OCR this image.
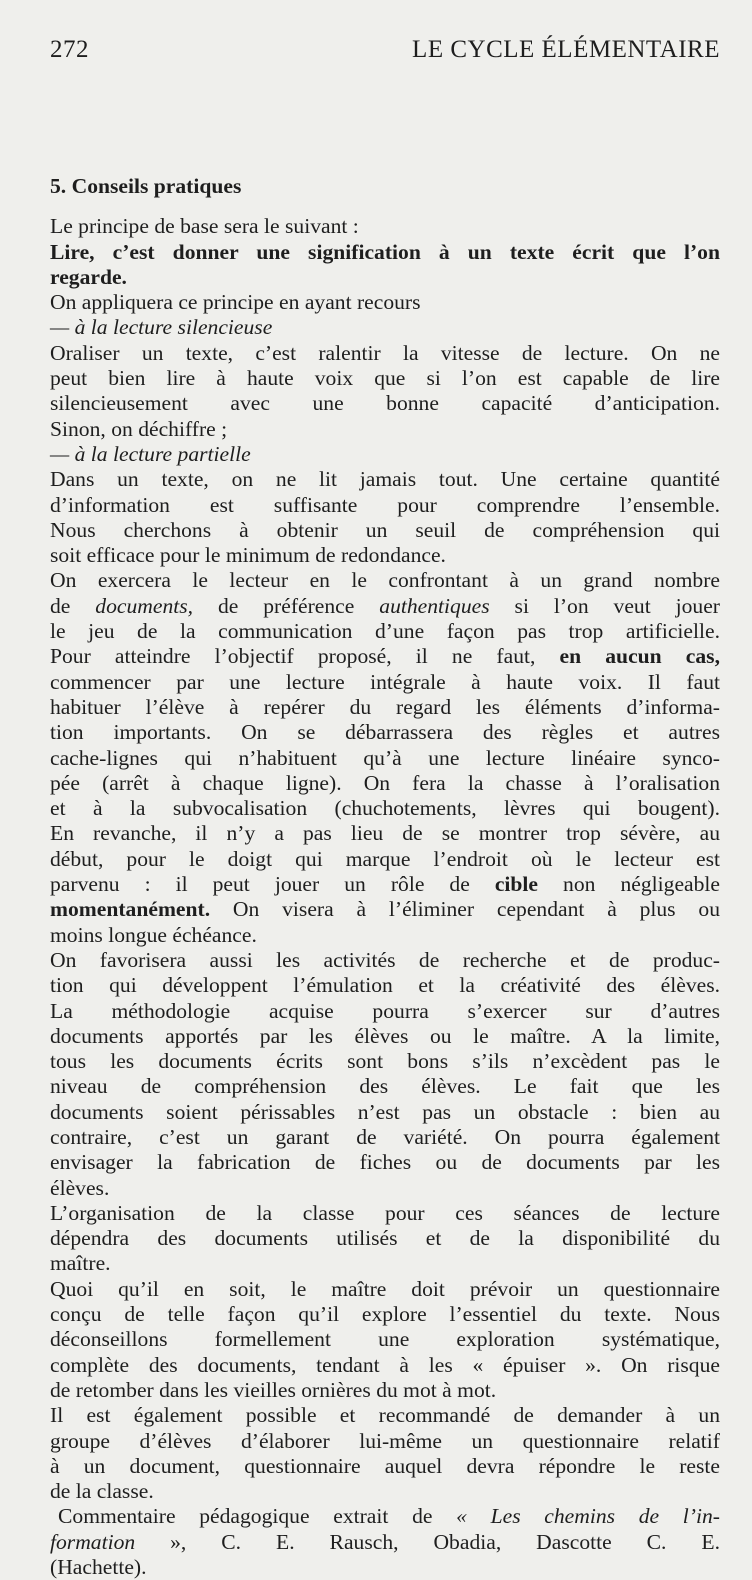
272	LE CYCLE ÉLÉMENTAIRE
5. Conseils pratiques
Le principe de base sera le suivant :
Lire, c’est donner une signification à un texte écrit que l’on
regarde.
On appliquera ce principe en ayant recours
— à la lecture silencieuse
Oraliser un texte, c’est ralentir la vitesse de lecture. On ne
peut bien lire à haute voix que si l’on est capable de lire
silencieusement avec une bonne capacité d’anticipation.
Sinon, on déchiffre ;
— à la lecture partielle
Dans un texte, on ne lit jamais tout. Une certaine quantité
d’information est suffisante pour comprendre l’ensemble.
Nous cherchons à obtenir un seuil de compréhension qui
soit efficace pour le minimum de redondance.
On exercera le lecteur en le confrontant à un grand nombre
de documents, de préférence authentiques si l’on veut jouer
le jeu de la communication d’une façon pas trop artificielle.
Pour atteindre l’objectif proposé, il ne faut, en aucun cas,
commencer par une lecture intégrale à haute voix. Il faut
habituer l’élève à repérer du regard les éléments d’informa-
tion importants. On se débarrassera des règles et autres
cache-lignes qui n’habituent qu’à une lecture linéaire synco-
pée (arrêt à chaque ligne). On fera la chasse à l’oralisation
et à la subvocalisation (chuchotements, lèvres qui bougent).
En revanche, il n’y a pas lieu de se montrer trop sévère, au
début, pour le doigt qui marque l’endroit où le lecteur est
parvenu : il peut jouer un rôle de cible non négligeable
momentanément. On visera à l’éliminer cependant à plus ou
moins longue échéance.
On favorisera aussi les activités de recherche et de produc-
tion qui développent l’émulation et la créativité des élèves.
La méthodologie acquise pourra s’exercer sur d’autres
documents apportés par les élèves ou le maître. A la limite,
tous les documents écrits sont bons s’ils n’excèdent pas le
niveau de compréhension des élèves. Le fait que les
documents soient périssables n’est pas un obstacle : bien au
contraire, c’est un garant de variété. On pourra également
envisager la fabrication de fiches ou de documents par les
élèves.
L’organisation de la classe pour ces séances de lecture
dépendra des documents utilisés et de la disponibilité du
maître.
Quoi qu’il en soit, le maître doit prévoir un questionnaire
conçu de telle façon qu’il explore l’essentiel du texte. Nous
déconseillons formellement une exploration systématique,
complète des documents, tendant à les « épuiser ». On risque
de retomber dans les vieilles ornières du mot à mot.
Il est également possible et recommandé de demander à un
groupe d’élèves d’élaborer lui-même un questionnaire relatif
à un document, questionnaire auquel devra répondre le reste
de la classe.
Commentaire pédagogique extrait de « Les chemins de l’in-
formation », C. E. Rausch, Obadia, Dascotte C. E.
(Hachette).
